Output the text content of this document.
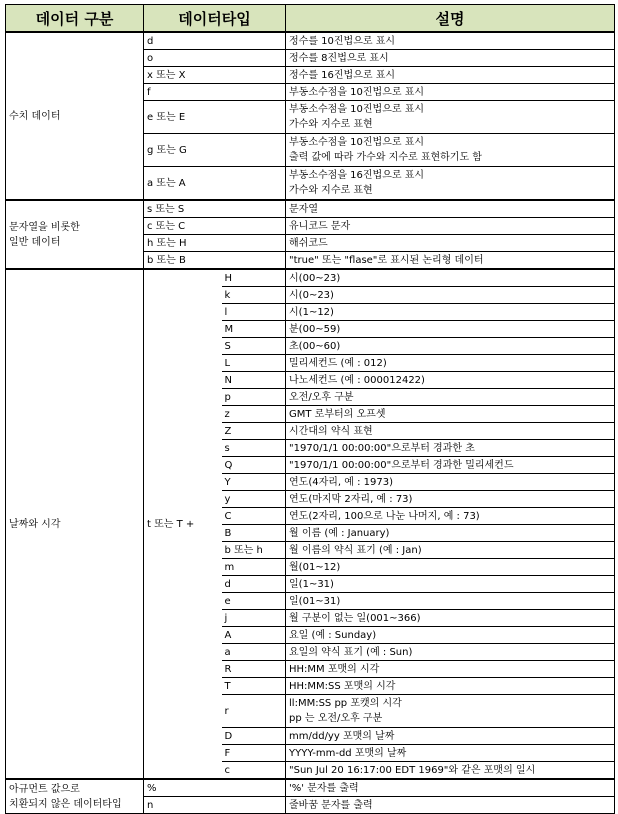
데이터 구분	데이터타입		설명
수치 데이터	d		정수를 10진법으로 표시

	o		정수를 8진법으로 표시

	x 또는 X		정수를 16진법으로 표시

	f		부동소수점을 10진법으로 표시

	e 또는 E		부동소수점을 10진법으로 표시
가수와 지수로 표현

	g 또는 G		부동소수점을 10진법으로 표시
출력 값에 따라 가수와 지수로 표현하기도 함

	a 또는 A		부동소수점을 16진법으로 표시
가수와 지수로 표현

문자열을 비롯한
일반 데이터	s 또는 S		문자열
	c 또는 C		유니코드 문자
	h 또는 H		해쉬코드
	b 또는 B		"true" 또는 "flase"로 표시된 논리형 데이터
날짜와 시각	t 또는 T +	H	시(00~23)

		k	시(0~23)

		l	시(1~12)

		M	분(00~59)

		S	초(00~60)

		L	밀리세컨드 (예 : 012)

		N	나노세컨드 (예 : 000012422)

		p	오전/오후 구분

		z	GMT 로부터의 오프셋

		Z	시간대의 약식 표현

		s	"1970/1/1 00:00:00"으로부터 경과한 초

		Q	"1970/1/1 00:00:00"으로부터 경과한 밀리세컨드

		Y	연도(4자리, 예 : 1973)

		y	연도(마지막 2자리, 예 : 73)

		C	연도(2자리, 100으로 나눈 나머지, 예 : 73)

		B	월 이름 (예 : January)

		b 또는 h	월 이름의 약식 표기 (예 : Jan)

		m	월(01~12)

		d	일(1~31)

		e	일(01~31)

		j	월 구분이 없는 일(001~366)

		A	요일 (예 : Sunday)

		a	요일의 약식 표기 (예 : Sun)

		R	HH:MM 포맷의 시각

		T	HH:MM:SS 포맷의 시각

		r	ll:MM:SS pp 포캣의 시각
pp 는 오전/오후 구분

		D	mm/dd/yy 포맷의 날짜

		F	YYYY-mm-dd 포맷의 날짜

		c	"Sun Jul 20 16:17:00 EDT 1969"와 같은 포맷의 일시

아규먼트 값으로
치환되지 않은 데이터타입	%		'%' 문자를 출력
	n		줄바꿈 문자를 출력
